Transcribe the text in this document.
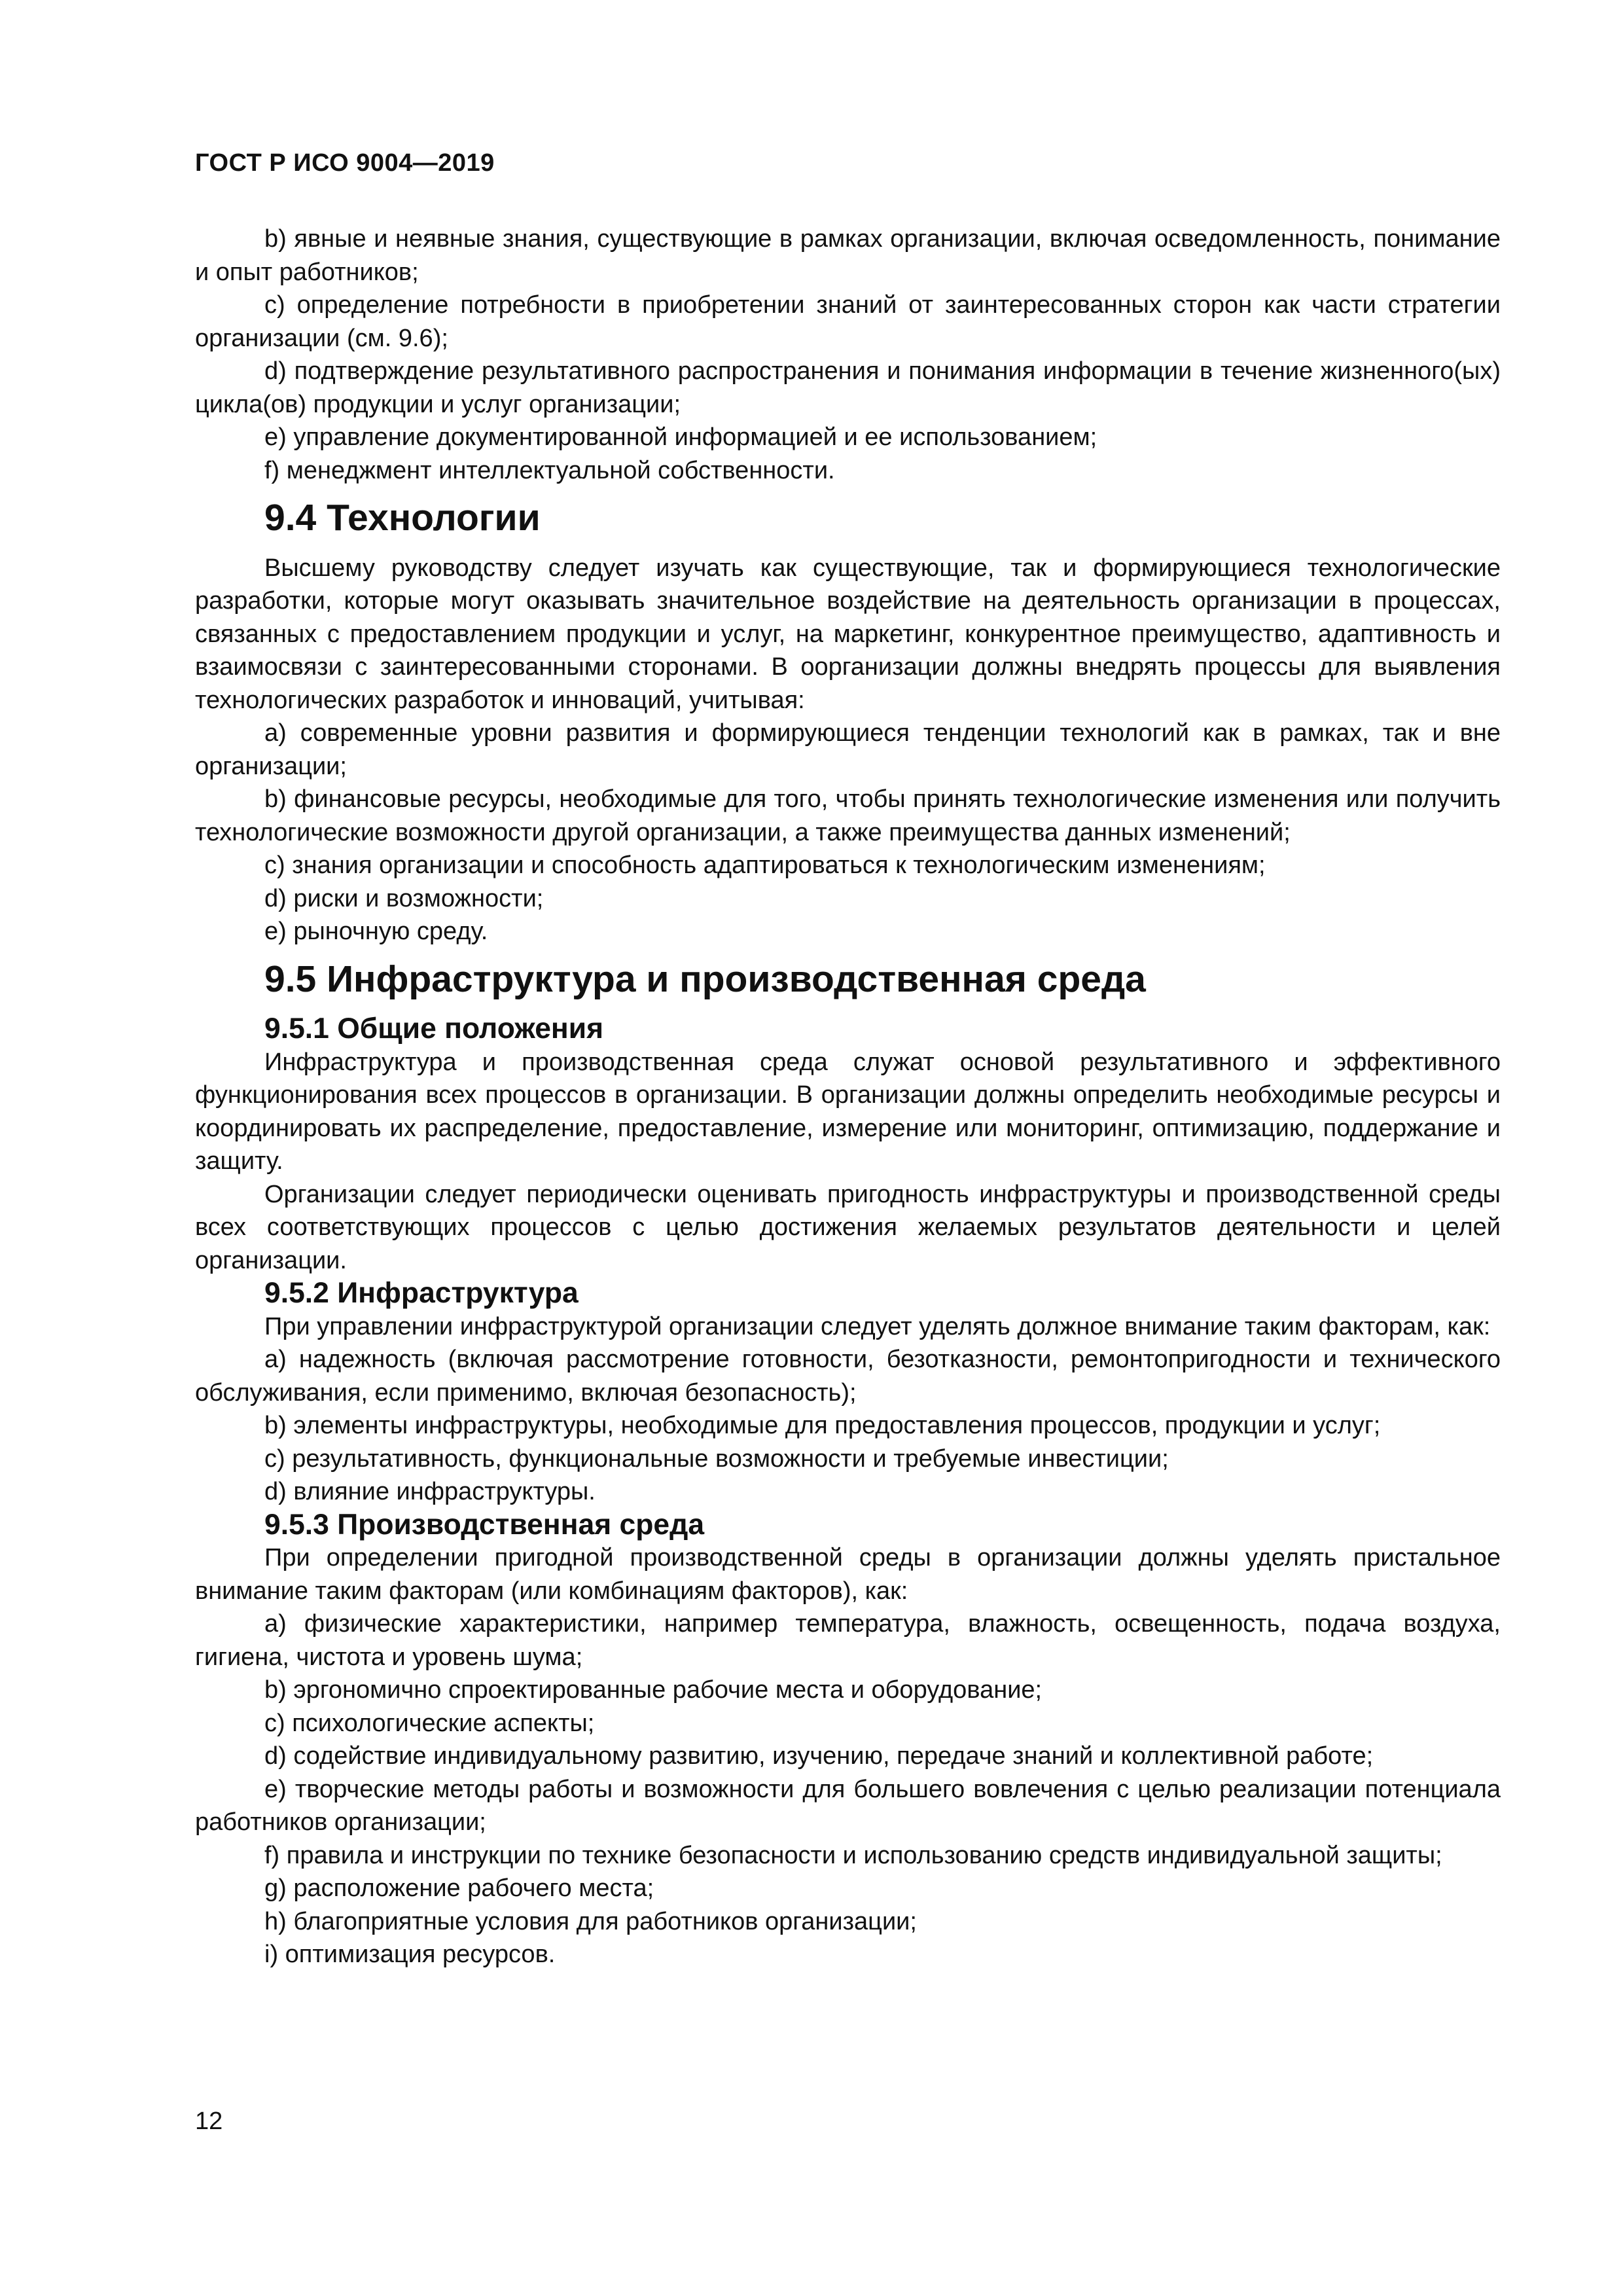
ГОСТ Р ИСО 9004—2019

b) явные и неявные знания, существующие в рамках организации, включая осведомленность, понимание и опыт работников;

c) определение потребности в приобретении знаний от заинтересованных сторон как части стратегии организации (см. 9.6);

d) подтверждение результативного распространения и понимания информации в течение жизненного(ых) цикла(ов) продукции и услуг организации;

e) управление документированной информацией и ее использованием;

f) менеджмент интеллектуальной собственности.

9.4 Технологии

Высшему руководству следует изучать как существующие, так и формирующиеся технологические разработки, которые могут оказывать значительное воздействие на деятельность организации в процессах, связанных с предоставлением продукции и услуг, на маркетинг, конкурентное преимущество, адаптивность и взаимосвязи с заинтересованными сторонами. В оорганизации должны внедрять процессы для выявления технологических разработок и инноваций, учитывая:

a) современные уровни развития и формирующиеся тенденции технологий как в рамках, так и вне организации;

b) финансовые ресурсы, необходимые для того, чтобы принять технологические изменения или получить технологические возможности другой организации, а также преимущества данных изменений;

c) знания организации и способность адаптироваться к технологическим изменениям;

d) риски и возможности;

e) рыночную среду.

9.5 Инфраструктура и производственная среда
9.5.1 Общие положения

Инфраструктура и производственная среда служат основой результативного и эффективного функционирования всех процессов в организации. В организации должны определить необходимые ресурсы и координировать их распределение, предоставление, измерение или мониторинг, оптимизацию, поддержание и защиту.

Организации следует периодически оценивать пригодность инфраструктуры и производственной среды всех соответствующих процессов с целью достижения желаемых результатов деятельности и целей организации.

9.5.2 Инфраструктура

При управлении инфраструктурой организации следует уделять должное внимание таким факторам, как:

a) надежность (включая рассмотрение готовности, безотказности, ремонтопригодности и технического обслуживания, если применимо, включая безопасность);

b) элементы инфраструктуры, необходимые для предоставления процессов, продукции и услуг;

c) результативность, функциональные возможности и требуемые инвестиции;

d) влияние инфраструктуры.

9.5.3 Производственная среда

При определении пригодной производственной среды в организации должны уделять пристальное внимание таким факторам (или комбинациям факторов), как:

a) физические характеристики, например температура, влажность, освещенность, подача воздуха, гигиена, чистота и уровень шума;

b) эргономично спроектированные рабочие места и оборудование;

c) психологические аспекты;

d) содействие индивидуальному развитию, изучению, передаче знаний и коллективной работе;

e) творческие методы работы и возможности для большего вовлечения с целью реализации потенциала работников организации;

f) правила и инструкции по технике безопасности и использованию средств индивидуальной защиты;

g) расположение рабочего места;

h) благоприятные условия для работников организации;

i) оптимизация ресурсов.

12
